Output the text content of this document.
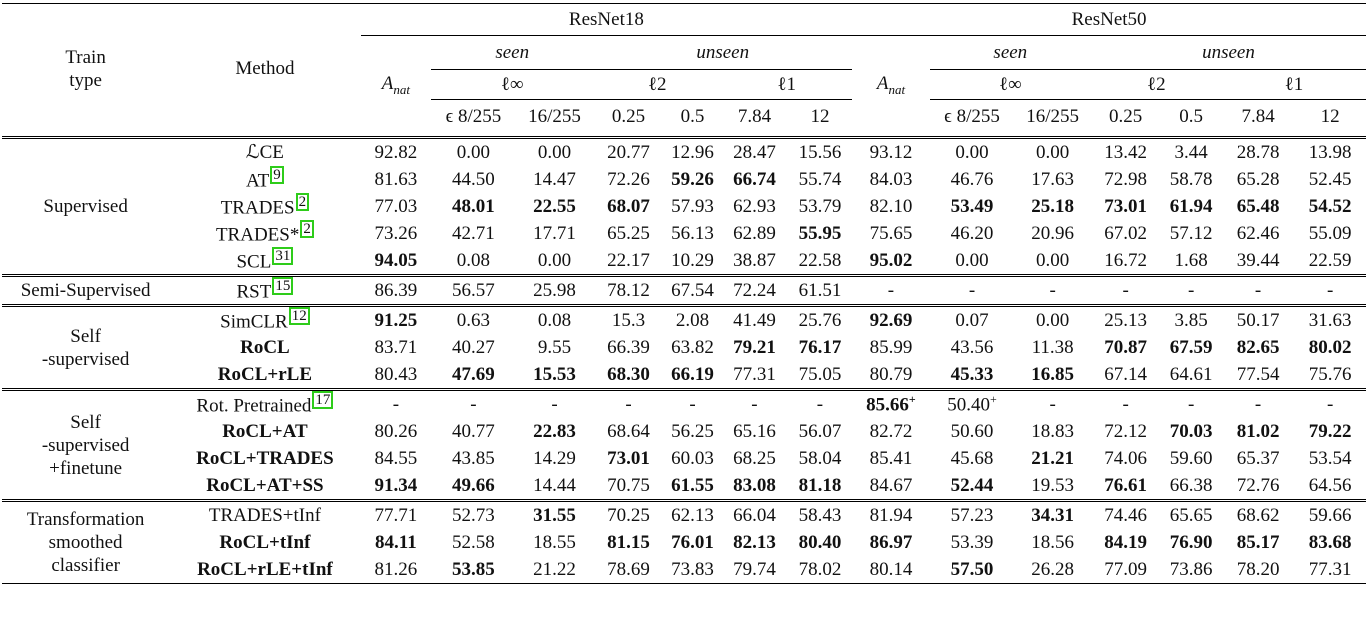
Train
type	Method	ResNet18							ResNet50						
		$A_{nat}$	seen		unseen				$A_{nat}$	seen		unseen			
			ℓ∞		ℓ2		ℓ1			ℓ∞		ℓ2		ℓ1	
			ϵ 8/255	16/255	0.25	0.5	7.84	12		ϵ 8/255	16/255	0.25	0.5	7.84	12

Supervised	ℒCE	92.82	0.00	0.00	20.77	12.96	28.47	15.56	93.12	0.00	0.00	13.42	3.44	28.78	13.98
	AT 9	81.63	44.50	14.47	72.26	59.26	66.74	55.74	84.03	46.76	17.63	72.98	58.78	65.28	52.45
	TRADES 2	77.03	48.01	22.55	68.07	57.93	62.93	53.79	82.10	53.49	25.18	73.01	61.94	65.48	54.52
	TRADES* 2	73.26	42.71	17.71	65.25	56.13	62.89	55.95	75.65	46.20	20.96	67.02	57.12	62.46	55.09
	SCL 31	94.05	0.08	0.00	22.17	10.29	38.87	22.58	95.02	0.00	0.00	16.72	1.68	39.44	22.59
Semi-Supervised	RST 15	86.39	56.57	25.98	78.12	67.54	72.24	61.51	-	-	-	-	-	-	-
Self
-supervised	SimCLR 12	91.25	0.63	0.08	15.3	2.08	41.49	25.76	92.69	0.07	0.00	25.13	3.85	50.17	31.63
	RoCL	83.71	40.27	9.55	66.39	63.82	79.21	76.17	85.99	43.56	11.38	70.87	67.59	82.65	80.02
	RoCL+rLE	80.43	47.69	15.53	68.30	66.19	77.31	75.05	80.79	45.33	16.85	67.14	64.61	77.54	75.76
Self
-supervised
+finetune	Rot. Pretrained 17	-	-	-	-	-	-	-	85.66+	50.40+	-	-	-	-	-
	RoCL+AT	80.26	40.77	22.83	68.64	56.25	65.16	56.07	82.72	50.60	18.83	72.12	70.03	81.02	79.22
	RoCL+TRADES	84.55	43.85	14.29	73.01	60.03	68.25	58.04	85.41	45.68	21.21	74.06	59.60	65.37	53.54
	RoCL+AT+SS	91.34	49.66	14.44	70.75	61.55	83.08	81.18	84.67	52.44	19.53	76.61	66.38	72.76	64.56
Transformation
smoothed
classifier	TRADES+tInf	77.71	52.73	31.55	70.25	62.13	66.04	58.43	81.94	57.23	34.31	74.46	65.65	68.62	59.66
	RoCL+tInf	84.11	52.58	18.55	81.15	76.01	82.13	80.40	86.97	53.39	18.56	84.19	76.90	85.17	83.68
	RoCL+rLE+tInf	81.26	53.85	21.22	78.69	73.83	79.74	78.02	80.14	57.50	26.28	77.09	73.86	78.20	77.31
